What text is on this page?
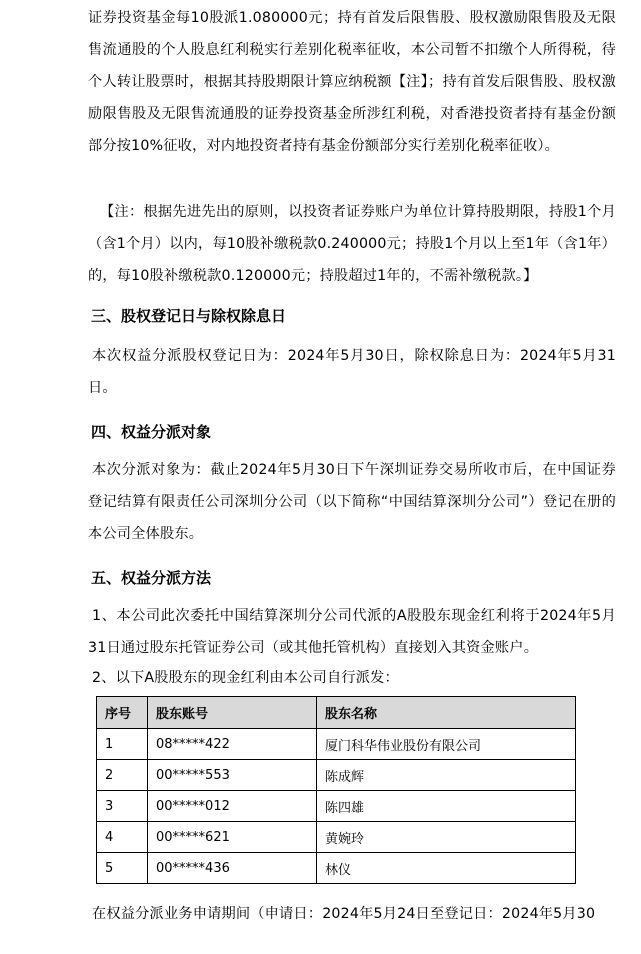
证券投资基金每10股派1.080000元；持有首发后限售股、股权激励限售股及无限售流通股的个人股息红利税实行差别化税率征收，本公司暂不扣缴个人所得税，待个人转让股票时，根据其持股期限计算应纳税额【注】；持有首发后限售股、股权激励限售股及无限售流通股的证券投资基金所涉红利税，对香港投资者持有基金份额部分按10%征收，对内地投资者持有基金份额部分实行差别化税率征收）。

【注：根据先进先出的原则，以投资者证券账户为单位计算持股期限，持股1个月（含1个月）以内，每10股补缴税款0.240000元；持股1个月以上至1年（含1年）的，每10股补缴税款0.120000元；持股超过1年的，不需补缴税款。】

三、股权登记日与除权除息日

本次权益分派股权登记日为：2024年5月30日，除权除息日为：2024年5月31日。

四、权益分派对象

本次分派对象为：截止2024年5月30日下午深圳证券交易所收市后，在中国证券登记结算有限责任公司深圳分公司（以下简称“中国结算深圳分公司”）登记在册的本公司全体股东。

五、权益分派方法

1、本公司此次委托中国结算深圳分公司代派的A股股东现金红利将于2024年5月31日通过股东托管证券公司（或其他托管机构）直接划入其资金账户。

2、以下A股股东的现金红利由本公司自行派发：

序号	股东账号	股东名称
1	08*****422	厦门科华伟业股份有限公司
2	00*****553	陈成辉
3	00*****012	陈四雄
4	00*****621	黄婉玲
5	00*****436	林仪

在权益分派业务申请期间（申请日：2024年5月24日至登记日：2024年5月30
